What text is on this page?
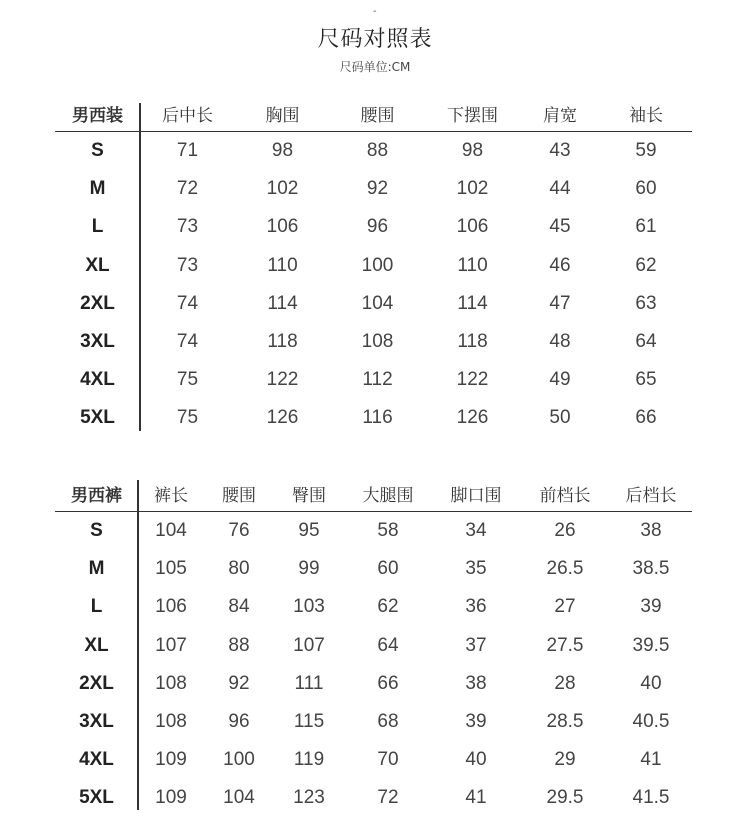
-
尺码对照表
尺码单位:CM
男西装	后中长	胸围	腰围	下摆围	肩宽	袖长
S	71	98	88	98	43	59
M	72	102	92	102	44	60
L	73	106	96	106	45	61
XL	73	110	100	110	46	62
2XL	74	114	104	114	47	63
3XL	74	118	108	118	48	64
4XL	75	122	112	122	49	65
5XL	75	126	116	126	50	66
男西裤	裤长	腰围	臀围	大腿围	脚口围	前档长	后档长
S	104	76	95	58	34	26	38
M	105	80	99	60	35	26.5	38.5
L	106	84	103	62	36	27	39
XL	107	88	107	64	37	27.5	39.5
2XL	108	92	111	66	38	28	40
3XL	108	96	115	68	39	28.5	40.5
4XL	109	100	119	70	40	29	41
5XL	109	104	123	72	41	29.5	41.5
